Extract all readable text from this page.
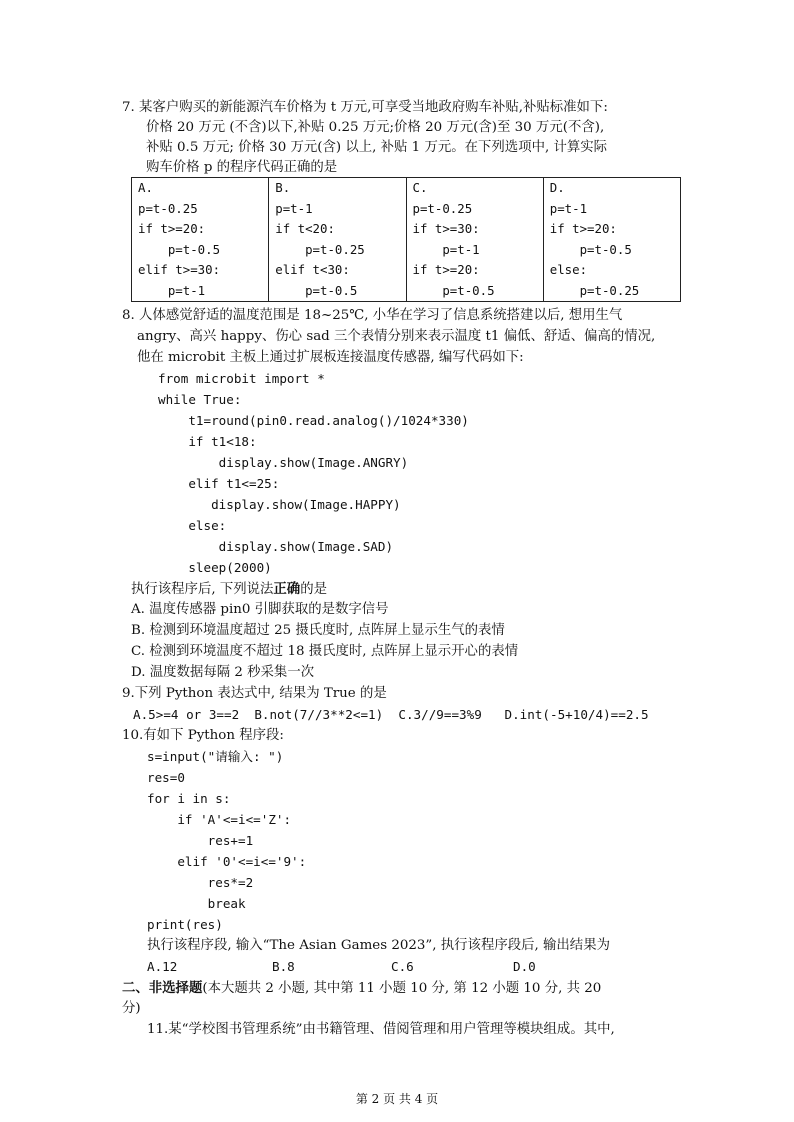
7. 某客户购买的新能源汽车价格为 t 万元,可享受当地政府购车补贴,补贴标准如下:
价格 20 万元 (不含)以下,补贴 0.25 万元;价格 20 万元(含)至 30 万元(不含),
补贴 0.5 万元; 价格 30 万元(含) 以上, 补贴 1 万元。在下列选项中, 计算实际
购车价格 p 的程序代码正确的是
A.
p=t-0.25
if t>=20:
p=t-0.5
elif t>=30:
p=t-1

B.
p=t-1
if t<20:
p=t-0.25
elif t<30:
p=t-0.5

C.
p=t-0.25
if t>=30:
p=t-1
if t>=20:
p=t-0.5

D.
p=t-1
if t>=20:
p=t-0.5
else:
p=t-0.25
8. 人体感觉舒适的温度范围是 18~25℃, 小华在学习了信息系统搭建以后, 想用生气
angry、高兴 happy、伤心 sad 三个表情分别来表示温度 t1 偏低、舒适、偏高的情况,
他在 microbit 主板上通过扩展板连接温度传感器, 编写代码如下:
from microbit import *
while True:
t1=round(pin0.read.analog()/1024*330)
if t1<18:
display.show(Image.ANGRY)
elif t1<=25:
display.show(Image.HAPPY)
else:
display.show(Image.SAD)
sleep(2000)
执行该程序后, 下列说法正确的是
A. 温度传感器 pin0 引脚获取的是数字信号
B. 检测到环境温度超过 25 摄氏度时, 点阵屏上显示生气的表情
C. 检测到环境温度不超过 18 摄氏度时, 点阵屏上显示开心的表情
D. 温度数据每隔 2 秒采集一次
9.下列 Python 表达式中, 结果为 True 的是
A.5>=4 or 3==2  B.not(7//3**2<=1)  C.3//9==3%9   D.int(-5+10/4)==2.5
10.有如下 Python 程序段:
s=input("请输入: ")
res=0
for i in s:
if 'A'<=i<='Z':
res+=1
elif '0'<=i<='9':
res*=2
break
print(res)
执行该程序段, 输入“The Asian Games 2023”, 执行该程序段后, 输出结果为
A.12	B.8	C.6	D.0
二、非选择题(本大题共 2 小题, 其中第 11 小题 10 分, 第 12 小题 10 分, 共 20
分)
11.某“学校图书管理系统”由书籍管理、借阅管理和用户管理等模块组成。其中,
第 2 页 共 4 页
